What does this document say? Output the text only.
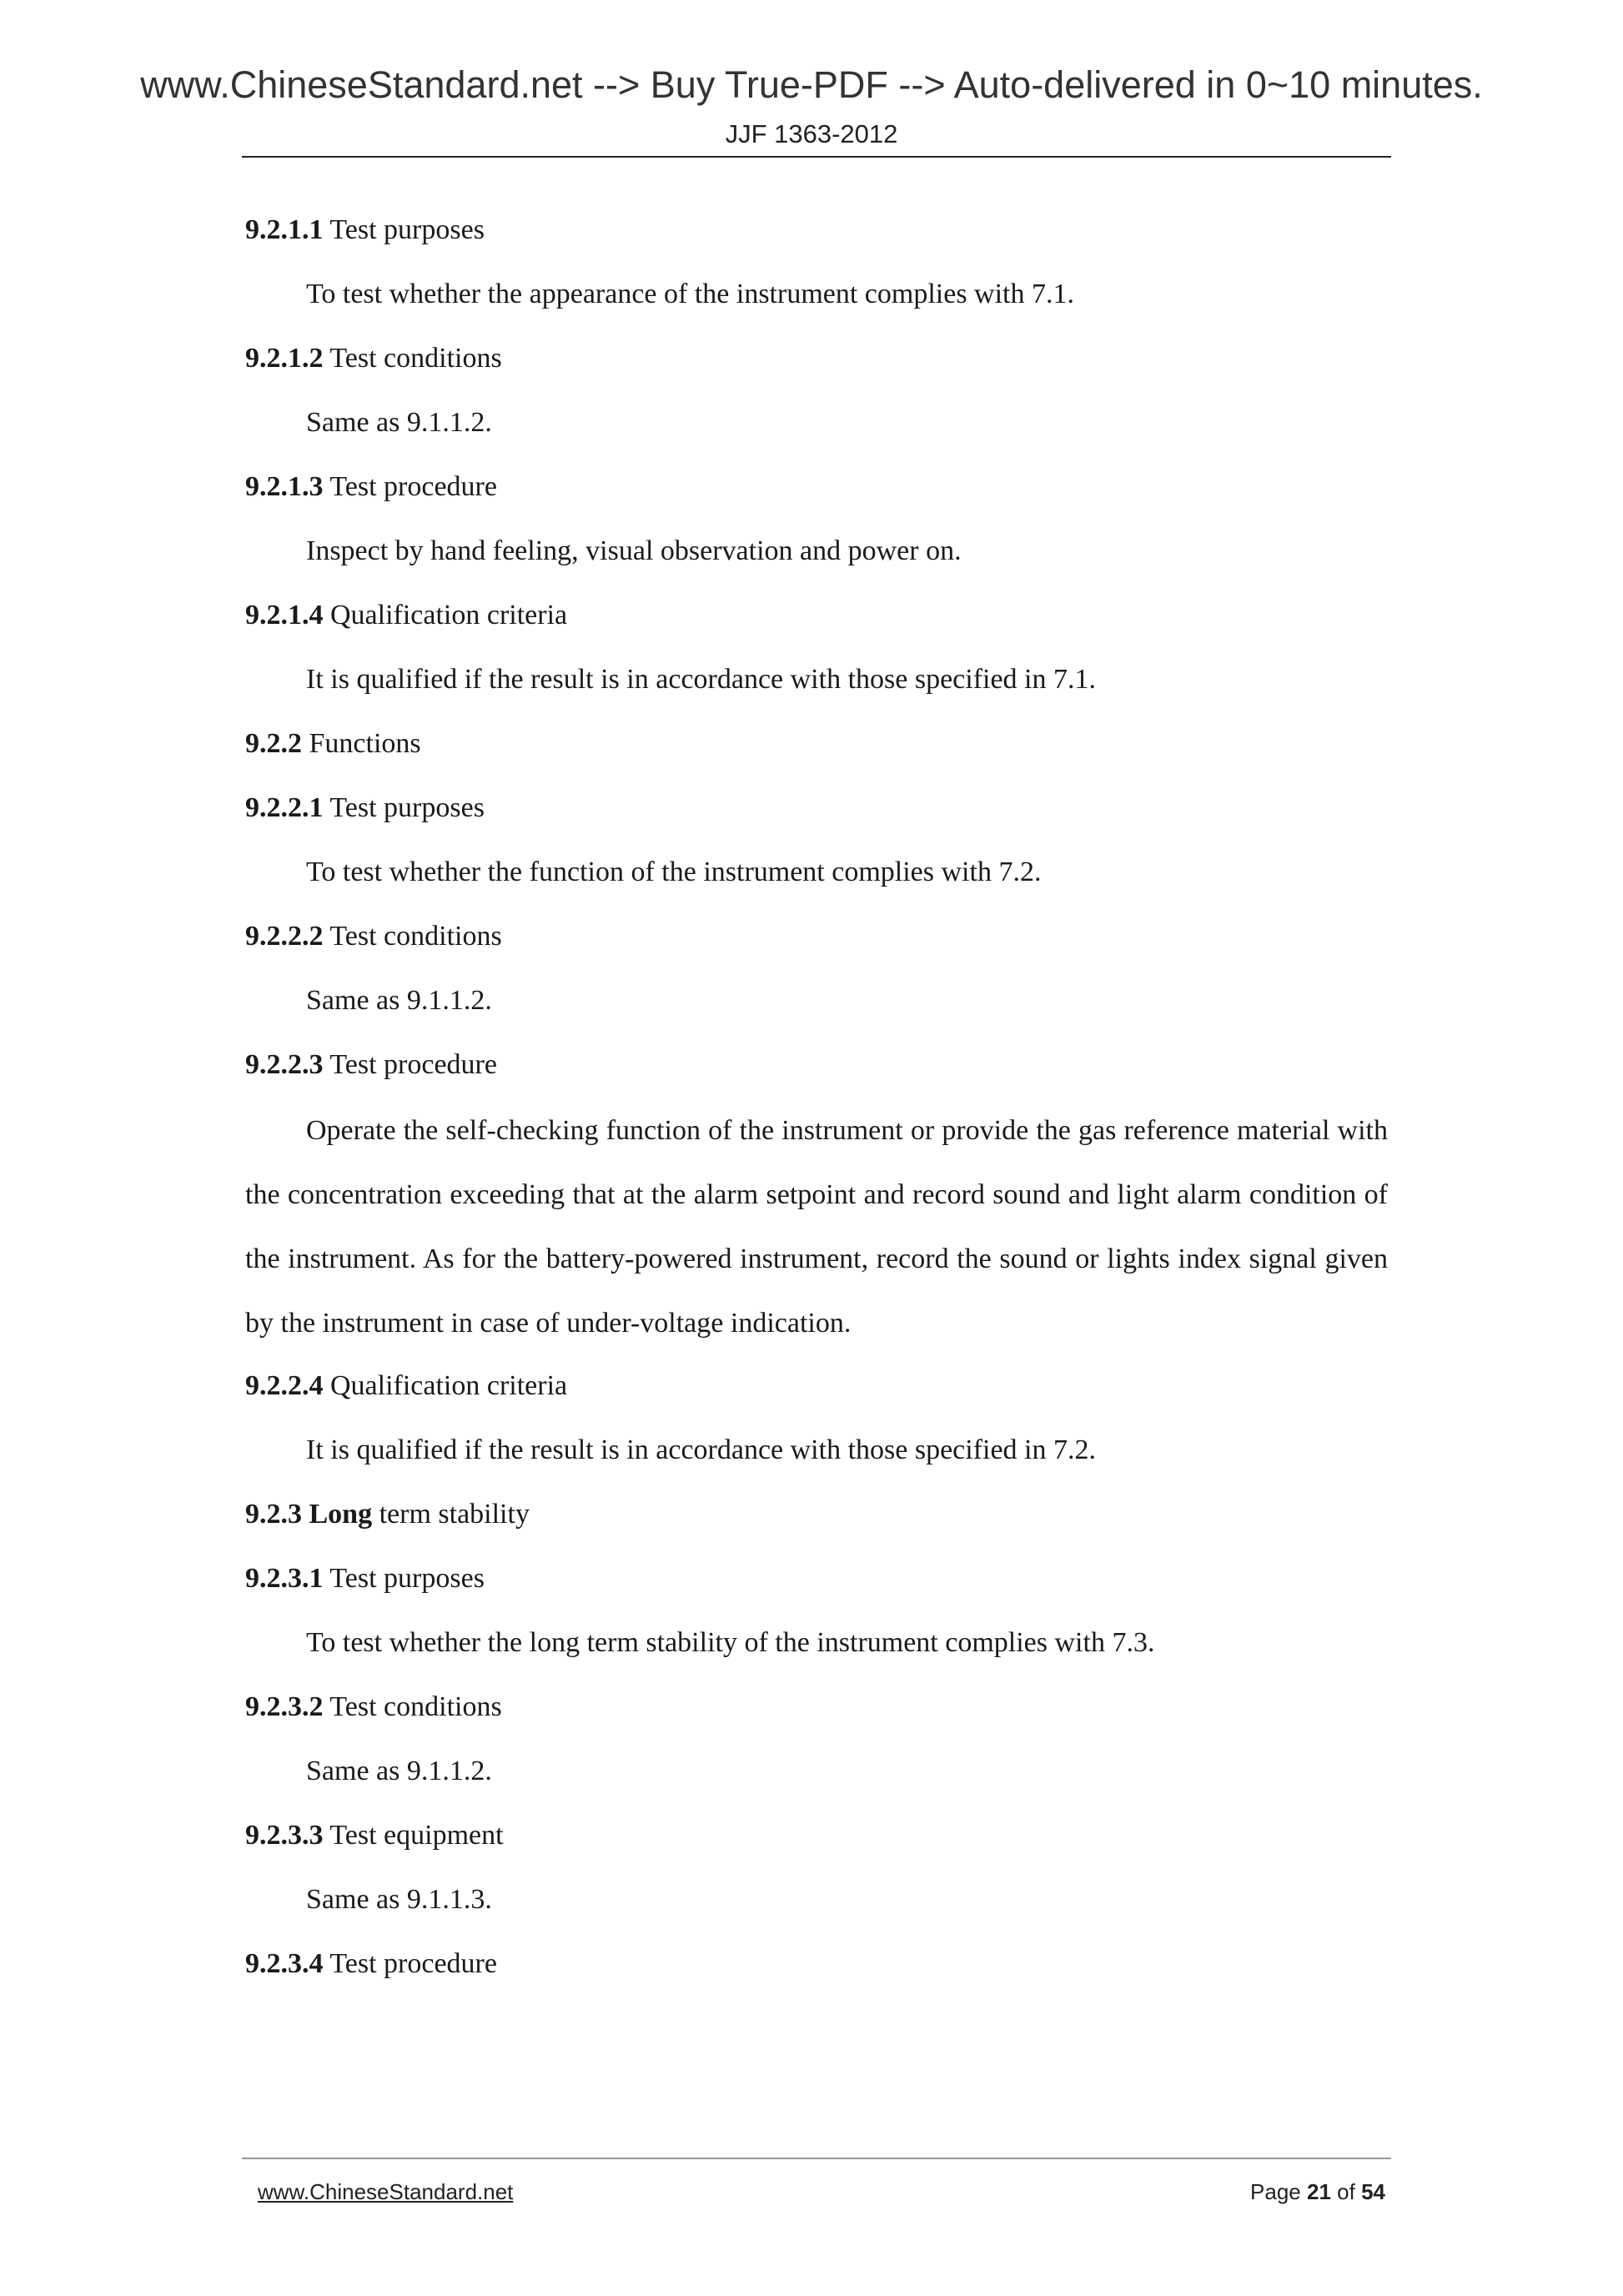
www.ChineseStandard.net --> Buy True-PDF --> Auto-delivered in 0~10 minutes.
JJF 1363-2012
9.2.1.1 Test purposes
To test whether the appearance of the instrument complies with 7.1.
9.2.1.2 Test conditions
Same as 9.1.1.2.
9.2.1.3 Test procedure
Inspect by hand feeling, visual observation and power on.
9.2.1.4 Qualification criteria
It is qualified if the result is in accordance with those specified in 7.1.
9.2.2 Functions
9.2.2.1 Test purposes
To test whether the function of the instrument complies with 7.2.
9.2.2.2 Test conditions
Same as 9.1.1.2.
9.2.2.3 Test procedure
Operate the self-checking function of the instrument or provide the gas reference material with the concentration exceeding that at the alarm setpoint and record sound and light alarm condition of the instrument. As for the battery-powered instrument, record the sound or lights index signal given by the instrument in case of under-voltage indication.
9.2.2.4 Qualification criteria
It is qualified if the result is in accordance with those specified in 7.2.
9.2.3 Long term stability
9.2.3.1 Test purposes
To test whether the long term stability of the instrument complies with 7.3.
9.2.3.2 Test conditions
Same as 9.1.1.2.
9.2.3.3 Test equipment
Same as 9.1.1.3.
9.2.3.4 Test procedure
www.ChineseStandard.net	Page 21 of 54
